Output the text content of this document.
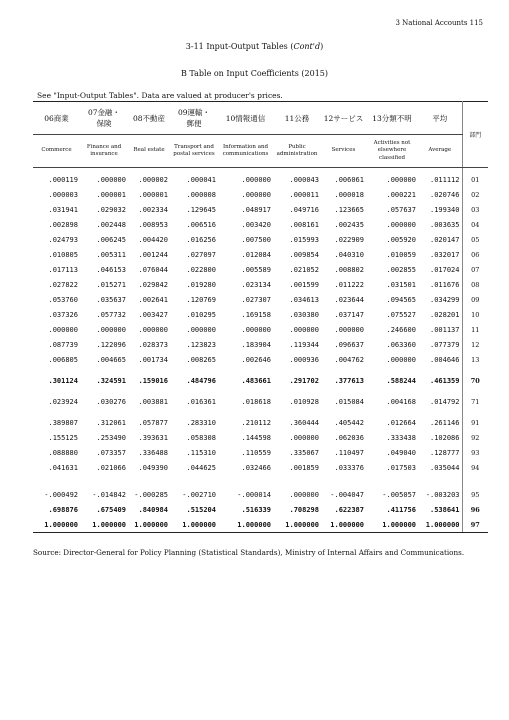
3 National Accounts 115
3-11 Input-Output Tables (Cont'd)
B Table on Input Coefficients (2015)
See "Input-Output Tables". Data are valued at producer's prices.
06商業	07金融・
保険	08不動産	09運輸・
郵便	10情報通信	11公務	12サービス	13分類不明	平均	部門
Commerce	Finance and
insurance	Real estate	Transport and
postal services	Information and
communications	Public
administration	Services	Activities not
elsewhere
classified	Average	
.000119	.000000	.000002	.000041	.000000	.000043	.006061	.000000	.011112	01
.000003	.000001	.000001	.000008	.000000	.000011	.000018	.000221	.020746	02
.031941	.029032	.002334	.129645	.048917	.049716	.123665	.057637	.199340	03
.002898	.002448	.008953	.006516	.003420	.008161	.002435	.000000	.003635	04
.024793	.006245	.004420	.016256	.007500	.015993	.022909	.005920	.020147	05
.010805	.005311	.001244	.027097	.012084	.009854	.040310	.010059	.032017	06
.017113	.046153	.076044	.022800	.005589	.021052	.008802	.002855	.017024	07
.027822	.015271	.029842	.019280	.023134	.001599	.011222	.031501	.011676	08
.053760	.035637	.002641	.120769	.027307	.034613	.023644	.094565	.034299	09
.037326	.057732	.003427	.010295	.169158	.030380	.037147	.075527	.028201	10
.000000	.000000	.000000	.000000	.000000	.000000	.000000	.246600	.001137	11
.087739	.122096	.028373	.123823	.183904	.119344	.096637	.063360	.077379	12
.006805	.004665	.001734	.008265	.002646	.000936	.004762	.000000	.004646	13

.301124	.324591	.159016	.484796	.483661	.291702	.377613	.588244	.461359	70

.023924	.030276	.003881	.016361	.018618	.010928	.015084	.004168	.014792	71

.389807	.312061	.057877	.283310	.210112	.360444	.405442	.012664	.261146	91
.155125	.253490	.393631	.058308	.144598	.000000	.062036	.333438	.102086	92
.088880	.073357	.336488	.115310	.110559	.335067	.110497	.049040	.128777	93
.041631	.021066	.049390	.044625	.032466	.001859	.033376	.017503	.035044	94

-.000492	-.014842	-.000285	-.002710	-.000014	.000000	-.004047	-.005057	-.003203	95
.698876	.675409	.840984	.515204	.516339	.708298	.622387	.411756	.538641	96
1.000000	1.000000	1.000000	1.000000	1.000000	1.000000	1.000000	1.000000	1.000000	97
Source: Director-General for Policy Planning (Statistical Standards), Ministry of Internal Affairs and Communications.
